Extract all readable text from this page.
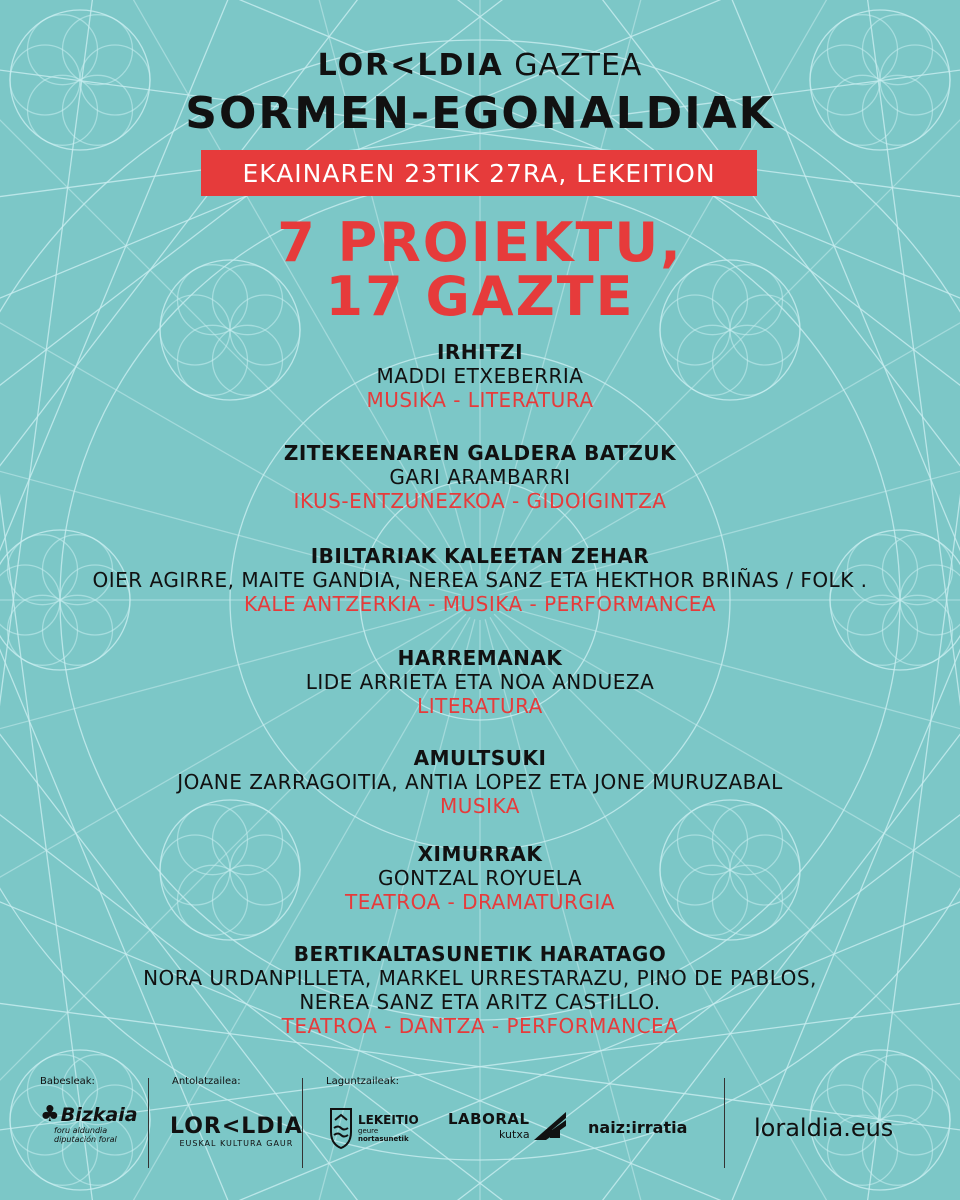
LOR<LDIA GAZTEA
SORMEN-EGONALDIAK
EKAINAREN 23TIK 27RA, LEKEITION
7 PROIEKTU,
17 GAZTE
IRHITZI
MADDI ETXEBERRIA
MUSIKA - LITERATURA
ZITEKEENAREN GALDERA BATZUK
GARI ARAMBARRI
IKUS-ENTZUNEZKOA - GIDOIGINTZA
IBILTARIAK KALEETAN ZEHAR
OIER AGIRRE, MAITE GANDIA, NEREA SANZ ETA HEKTHOR BRIÑAS / FOLK .
KALE ANTZERKIA - MUSIKA - PERFORMANCEA
HARREMANAK
LIDE ARRIETA ETA NOA ANDUEZA
LITERATURA
AMULTSUKI
JOANE ZARRAGOITIA, ANTIA LOPEZ ETA JONE MURUZABAL
MUSIKA
XIMURRAK
GONTZAL ROYUELA
TEATROA - DRAMATURGIA
BERTIKALTASUNETIK HARATAGO
NORA URDANPILLETA, MARKEL URRESTARAZU, PINO DE PABLOS,
NEREA SANZ ETA ARITZ CASTILLO.
TEATROA - DANTZA - PERFORMANCEA
Babesleak:	Antolatzailea:	Laguntzaileak:
♣ Bizkaia
foru aldundia
diputación foral
LOR<LDIA
EUSKAL KULTURA GAUR
LEKEITIO
geure
nortasunetik
LABORAL
kutxa	naiz:irratia	loraldia.eus
